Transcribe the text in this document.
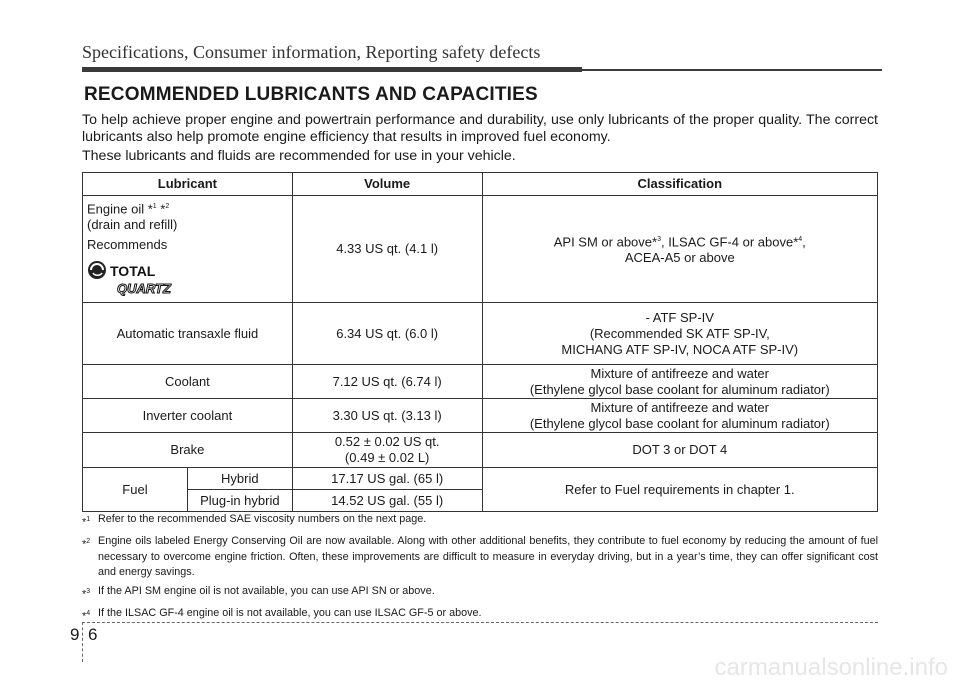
Specifications, Consumer information, Reporting safety defects
RECOMMENDED LUBRICANTS AND CAPACITIES
To help achieve proper engine and powertrain performance and durability, use only lubricants of the proper quality. The correct lubricants also help promote engine efficiency that results in improved fuel economy.
These lubricants and fluids are recommended for use in your vehicle.
Lubricant		Volume	Classification

Engine oil *$^1$ *$^2$
(drain and refill)
Recommends
TOTAL
QUARTZ		4.33 US qt. (4.1 l)	API SM or above*$^3$, ILSAC GF-4 or above*$^4$,
ACEA-A5 or above
Automatic transaxle fluid		6.34 US qt. (6.0 l)	- ATF SP-IV
(Recommended SK ATF SP-IV,
MICHANG ATF SP-IV, NOCA ATF SP-IV)
Coolant		7.12 US qt. (6.74 l)	Mixture of antifreeze and water
(Ethylene glycol base coolant for aluminum radiator)
Inverter coolant		3.30 US qt. (3.13 l)	Mixture of antifreeze and water
(Ethylene glycol base coolant for aluminum radiator)
Brake		0.52 ± 0.02 US qt.
(0.49 ± 0.02 L)	DOT 3 or DOT 4
Fuel	Hybrid	17.17 US gal. (65 l)	Refer to Fuel requirements in chapter 1.
	Plug-in hybrid	14.52 US gal. (55 l)	
*$^1$ Refer to the recommended SAE viscosity numbers on the next page.
*$^2$ Engine oils labeled Energy Conserving Oil are now available. Along with other additional benefits, they contribute to fuel economy by reducing the amount of fuel necessary to overcome engine friction. Often, these improvements are difficult to measure in everyday driving, but in a year’s time, they can offer significant cost and energy savings.
*$^3$ If the API SM engine oil is not available, you can use API SN or above.
*$^4$ If the ILSAC GF-4 engine oil is not available, you can use ILSAC GF-5 or above.
9 6
carmanualsonline.info
